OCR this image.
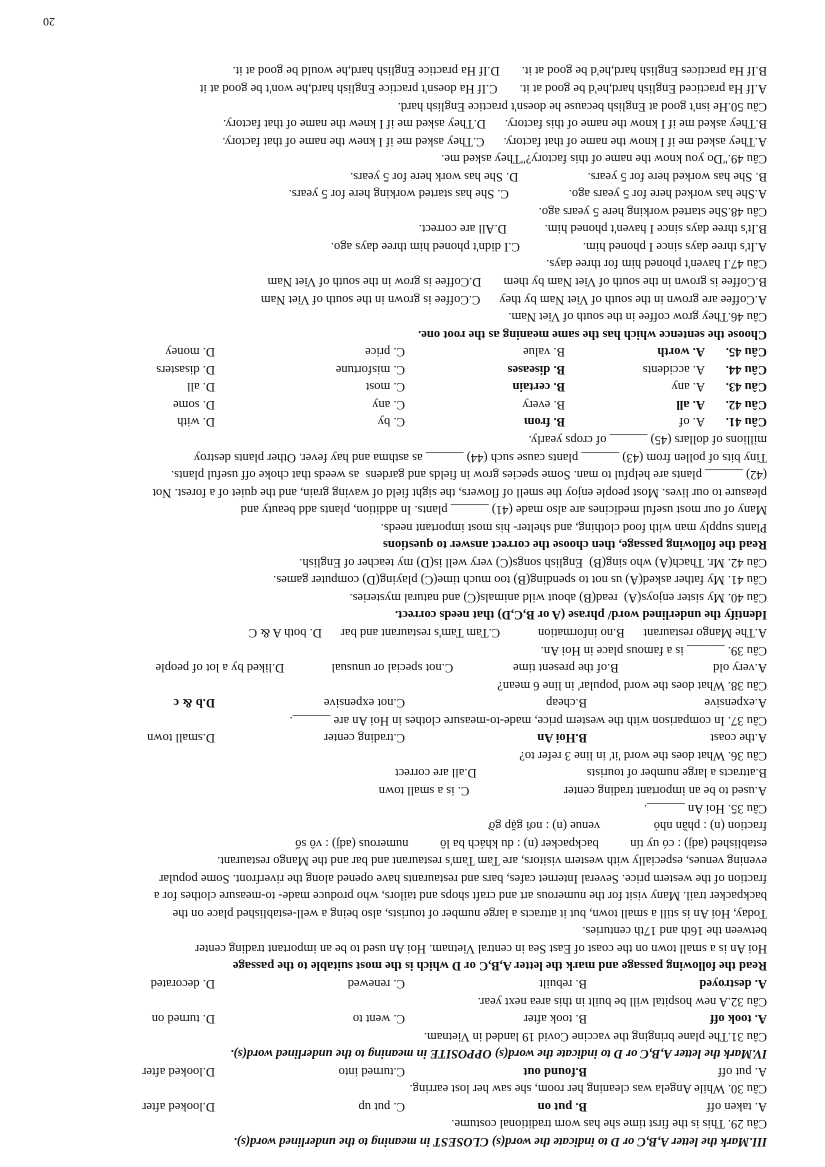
III.Mark the letter A,B,C or D to indicate the word(s) CLOSEST in meaning to the underlined word(s).
Câu 29. This is the first time she has worn traditional costume.
A. taken off
B. put on
C. put up
D.looked after
Câu 30. While Angela was cleaning her room, she saw her lost earring.
A. put off
B.found out
C.turned into
D.looked after
IV.Mark the letter A,B,C or D to indicate the word(s) OPPOSITE in meaning to the underlined word(s).
Câu 31.The plane bringing the vaccine Covid 19 landed in Vietnam.
A. took off
B. took after
C. went to
D. turned on
Câu 32.A new hospital will be built in this area next year.
A. destroyed
B. rebuilt
C. renewed
D. decorated
Read the following passage and mark the letter A,B,C or D which is the most suitable to the passage
Hoi An is a small town on the coast of East Sea in central Vietnam. Hoi An used to be an important trading center
between the 16th and 17th centuries.
Today, Hoi An is still a small town, but it attracts a large number of tourists, also being a well-established place on the
backpacker trail. Many visit for the numerous art and craft shops and tailors, who produce made- to-measure clothes for a
fraction of the western price. Several Internet cafes, bars and restaurants have opened along the riverfront. Some popular
evening venues, especially with western visitors, are Tam Tam's restaurant and bar and the Mango restaurant.
established (adj) : có uy tín          backpacker (n) : du khách ba lô          numerous (adj) : vô số
fraction (n) : phần nhỏ                 venue (n) : nơi gặp gỡ
Câu 35. Hoi An ______.
A.used to be an important trading center                              C. is a small town
B.attracts a large number of tourists                                   D.all are correct
Câu 36. What does the word 'it' in line 3 refer to?
A.the coast
B.Hoi An
C.trading center
D.small town
Câu 37. In comparison with the western price, made-to-measure clothes in Hoi An are ______.
A.expensive
B.cheap
C.not expensive
D.b & c
Câu 38. What does the word 'popular' in line 6 mean?
A.very old                              B.of the present time                   C.not special or unusual               D.liked by a lot of people
Câu 39. ______ is a famous place in Hoi An.
A.The Mango restaurant      B.no information            C.Tam Tam's restaurant and bar      D. both A & C
Identify the underlined word/ phrase (A or B,C,D) that needs correct.
Câu 40. My sister enjoys(A)  read(B) about wild animals(C) and natural mysteries.
Câu 41. My father asked(A) us not to spending(B) too much time(C) playing(D) computer games.
Câu 42. Mr. Thach(A) who sing(B)  English songs(C) very well is(D) my teacher of English.
Read the following passage, then choose the correct answer to questions
Plants supply man with food clothing, and shelter- his most important needs.
Many of our most useful medicines are also made (41) ______ plants. In addition, plants add beauty and
pleasure to our lives. Most people enjoy the smell of flowers, the sight field of waving grain, and the quiet of a forest. Not
(42) ______ plants are helpful to man. Some species grow in fields and gardens  as weeds that choke off useful plants.
Tiny bits of pollen from (43) ______ plants cause such (44) ______ as asthma and hay fever. Other plants destroy
millions of dollars (45) ______ of crops yearly.
Câu 41.
A. of
B. from
C. by
D. with
Câu 42.
A. all
B. every
C. any
D. some
Câu 43.
A. any
B. certain
C. most
D. all
Câu 44.
A. accidents
B. diseases
C. misfortune
D. disasters
Câu 45.
A. worth
B. value
C. price
D. money
Choose the sentence which has the same meaning as the root one.
Câu 46.They grow coffee in the south of Viet Nam.
A.Coffee are grown in the south of Viet Nam by they      C.Coffee is grown in the south of Viet Nam
B.Coffee is grown in the south of Viet Nam by them       D.Coffee is grow in the south of Viet Nam
Câu 47.I haven't phoned him for three days.
A.It's three days since I phoned him.                    C.I didn't phoned him three days ago.
B.It's three days since I haven't phoned him.            D.All are correct.
Câu 48.She started working here 5 years ago.
A.She has worked here for 5 years ago.                   C. She has started working here for 5 years.
B. She has worked here for 5 years.                      D. She has work here for 5 years.
Câu 49."Do you know the name of this factory?"They asked me.
A.They asked me if I know the name of that factory.      C.They asked me if I knew the name of that factory.
B.They asked me if I know the name of this factory.      D.They asked me if I knew the name of that factory.
Câu 50.He isn't good at English because he doesn't practice English hard.
A.If Ha practiced English hard,he'd be good at it.       C.If Ha doesn't practice English hard,he won't be good at it
B.If Ha practices English hard,he'd be good at it.       D.If Ha practice English hard,he would be good at it.
20
